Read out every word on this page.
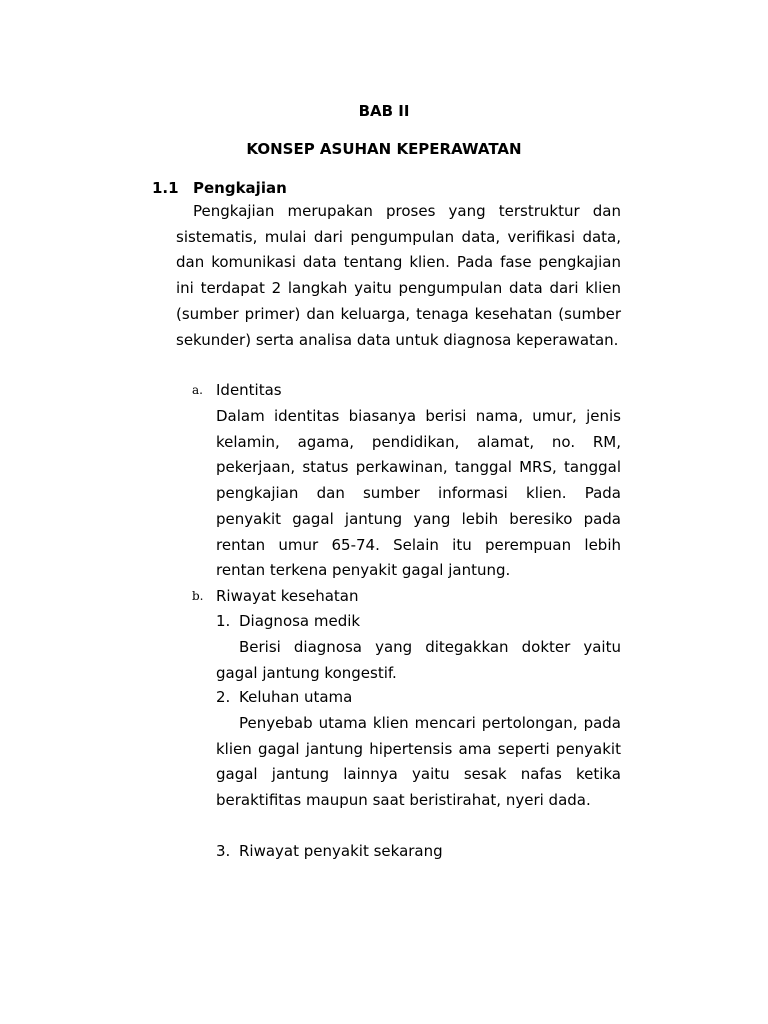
BAB II
KONSEP ASUHAN KEPERAWATAN
1.1 Pengkajian

Pengkajian merupakan proses yang terstruktur dan sistematis, mulai dari pengumpulan data, verifikasi data, dan komunikasi data tentang klien. Pada fase pengkajian ini terdapat 2 langkah yaitu pengumpulan data dari klien (sumber primer) dan keluarga, tenaga kesehatan (sumber sekunder) serta analisa data untuk diagnosa keperawatan.

a. Identitas

Dalam identitas biasanya berisi nama, umur, jenis kelamin, agama, pendidikan, alamat, no. RM, pekerjaan, status perkawinan, tanggal MRS, tanggal pengkajian dan sumber informasi klien. Pada penyakit gagal jantung yang lebih beresiko pada rentan umur 65-74. Selain itu perempuan lebih rentan terkena penyakit gagal jantung.

b. Riwayat kesehatan
1. Diagnosa medik

Berisi diagnosa yang ditegakkan dokter yaitu gagal jantung kongestif.

2. Keluhan utama

Penyebab utama klien mencari pertolongan, pada klien gagal jantung hipertensis ama seperti penyakit gagal jantung lainnya yaitu sesak nafas ketika beraktifitas maupun saat beristirahat, nyeri dada.

3. Riwayat penyakit sekarang
